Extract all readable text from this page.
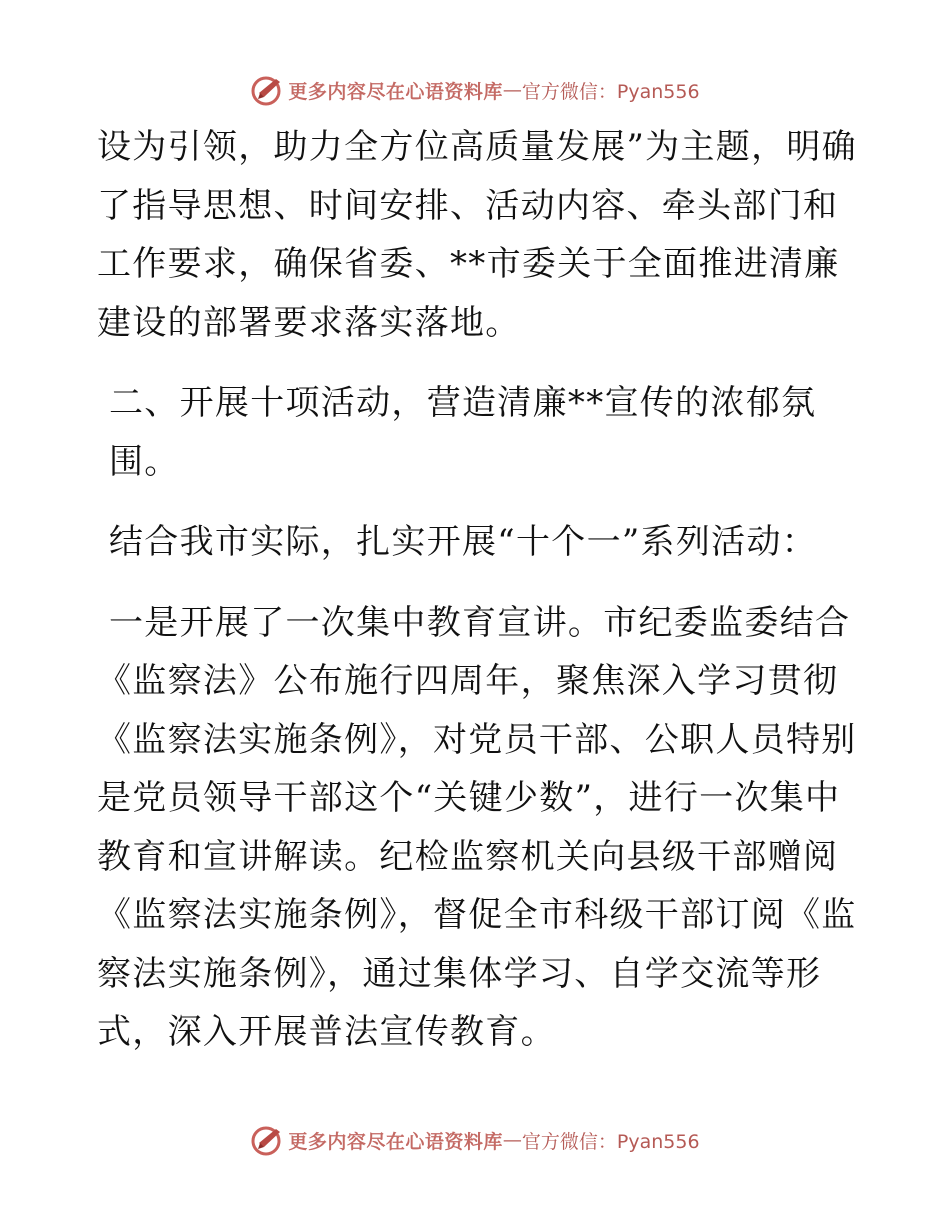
更多内容尽在心语资料库 — 官方微信：Pyan556

设为引领，助力全方位高质量发展”为主题，明确了指导思想、时间安排、活动内容、牵头部门和工作要求，确保省委、**市委关于全面推进清廉建设的部署要求落实落地。

二、开展十项活动，营造清廉**宣传的浓郁氛围。

结合我市实际，扎实开展“十个一”系列活动：

一是开展了一次集中教育宣讲。市纪委监委结合《监察法》公布施行四周年，聚焦深入学习贯彻《监察法实施条例》，对党员干部、公职人员特别是党员领导干部这个“关键少数”，进行一次集中教育和宣讲解读。纪检监察机关向县级干部赠阅《监察法实施条例》，督促全市科级干部订阅《监察法实施条例》，通过集体学习、自学交流等形式，深入开展普法宣传教育。

更多内容尽在心语资料库 — 官方微信：Pyan556
